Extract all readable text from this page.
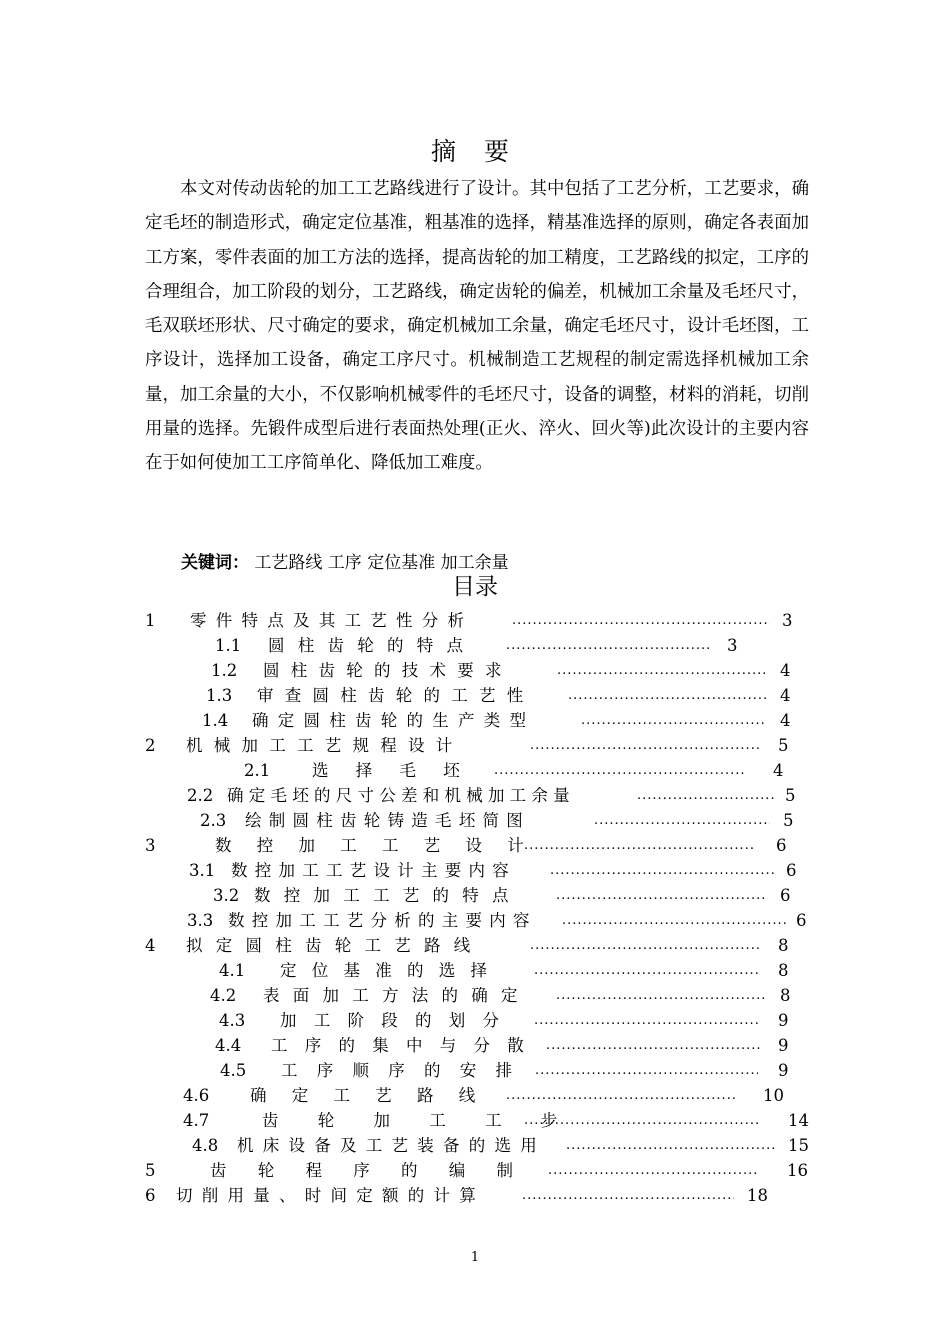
摘 要

本文对传动齿轮的加工工艺路线进行了设计。其中包括了工艺分析，工艺要求，确定毛坯的制造形式，确定定位基准，粗基准的选择，精基准选择的原则，确定各表面加工方案，零件表面的加工方法的选择，提高齿轮的加工精度，工艺路线的拟定，工序的合理组合，加工阶段的划分，工艺路线，确定齿轮的偏差，机械加工余量及毛坯尺寸，毛双联坯形状、尺寸确定的要求，确定机械加工余量，确定毛坯尺寸，设计毛坯图，工序设计，选择加工设备，确定工序尺寸。机械制造工艺规程的制定需选择机械加工余量，加工余量的大小，不仅影响机械零件的毛坯尺寸，设备的调整，材料的消耗，切削用量的选择。先锻件成型后进行表面热处理(正火、淬火、回火等)此次设计的主要内容在于如何使加工工序简单化、降低加工难度。

关键词： 工艺路线 工序 定位基准 加工余量
目录
1 零 件 特 点 及 其 工 艺 性 分 析 .....	3
1.1 圆 柱 齿 轮 的 特 点 .....	3
1.2 圆 柱 齿 轮 的 技 术 要 求 .....	4
1.3 审 查 圆 柱 齿 轮 的 工 艺 性 .....	4
1.4 确 定 圆 柱 齿 轮 的 生 产 类 型 .....	4
2 机 械 加 工 工 艺 规 程 设 计 .....	5
2.1	选 择 毛 坯 .....	4
2.2 确 定 毛 坯 的 尺 寸 公 差 和 机 械 加 工 余 量 .....	5
2.3 绘 制 圆 柱 齿 轮 铸 造 毛 坯 简 图 .....	5
3	数 控 加 工 工 艺 设 计 .....	6
3.1 数 控 加 工 工 艺 设 计 主 要 内 容 .....	6
3.2 数 控 加 工 工 艺 的 特 点 .....	6
3.3 数 控 加 工 工 艺 分 析 的 主 要 内 容 .....	6
4 拟 定 圆 柱 齿 轮 工 艺 路 线 .....	8
4.1 定 位 基 准 的 选 择 .....	8
4.2 表 面 加 工 方 法 的 确 定 .....	8
4.3 加 工 阶 段 的 划 分 .....	9
4.4 工 序 的 集 中 与 分 散 .....	9
4.5 工 序 顺 序 的 安 排 .....	9
4.6 确 定 工 艺 路 线 .....	10
4.7	齿 轮 加 工 工 步 .....	14
4.8 机 床 设 备 及 工 艺 装 备 的 选 用 .....	15
5	齿 轮 程 序 的 编 制 .....	16
6 切 削 用 量 、 时 间 定 额 的 计 算 .....	18
1
